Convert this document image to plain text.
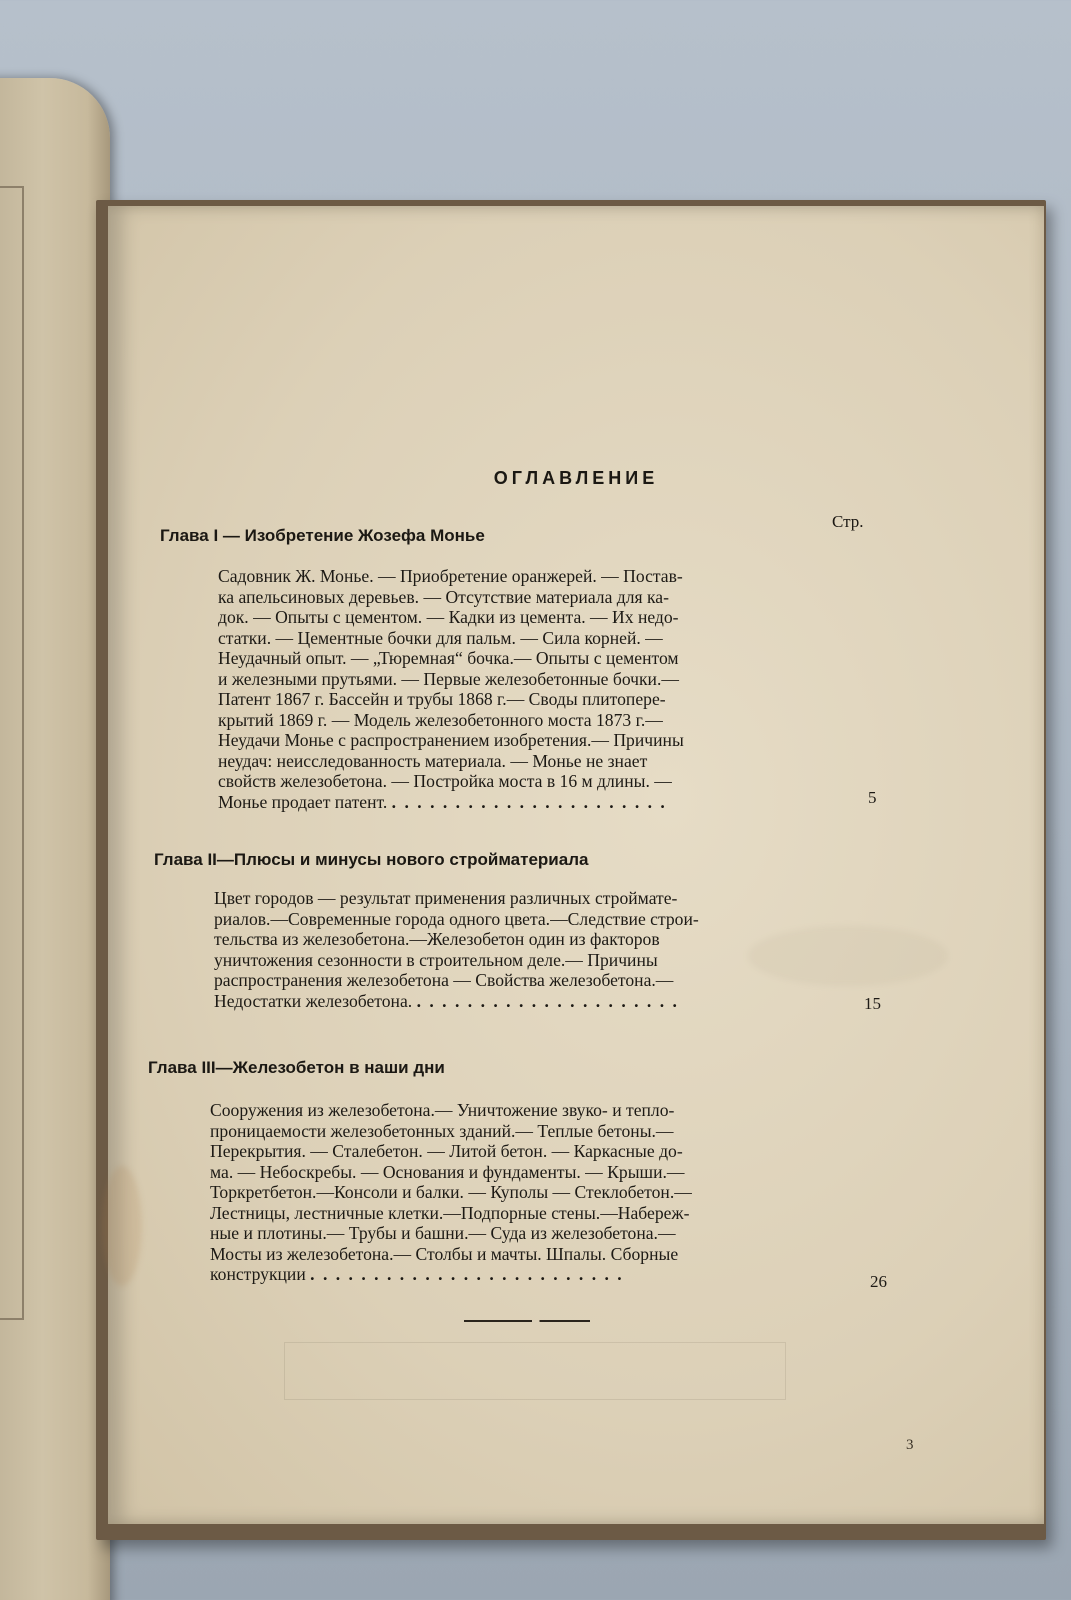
ОГЛАВЛЕНИЕ
Стр.
Глава I — Изобретение Жозефа Монье
Садовник Ж. Монье. — Приобретение оранжерей. — Постав-
ка апельсиновых деревьев. — Отсутствие материала для ка-
док. — Опыты с цементом. — Кадки из цемента. — Их недо-
статки. — Цементные бочки для пальм. — Сила корней. —
Неудачный опыт. — „Тюремная“ бочка.— Опыты с цементом
и железными прутьями. — Первые железобетонные бочки.—
Патент 1867 г. Бассейн и трубы 1868 г.— Своды плитопере-
крытий 1869 г. — Модель железобетонного моста 1873 г.—
Неудачи Монье с распространением изобретения.— Причины
неудач: неисследованность материала. — Монье не знает
свойств железобетона. — Постройка моста в 16 м длины. —
Монье продает патент. . . . . . . . . . . . . . . . . . . . . . .	5
Глава II—Плюсы и минусы нового стройматериала
Цвет городов — результат применения различных стройматe-
риалов.—Современные города одного цвета.—Следствие строи-
тельства из железобетона.—Железобетон один из факторов
уничтожения сезонности в строительном деле.— Причины
распространения железобетона — Свойства железобетона.—
Недостатки железобетона. . . . . . . . . . . . . . . . . . . . . .	15
Глава III—Железобетон в наши дни
Сооружения из железобетона.— Уничтожение звуко- и тепло-
проницаемости железобетонных зданий.— Теплые бетоны.—
Перекрытия. — Сталебетон. — Литой бетон. — Каркасные до-
ма. — Небоскребы. — Основания и фундаменты. — Крыши.—
Торкретбетон.—Консоли и балки. — Куполы — Стеклобетон.—
Лестницы, лестничные клетки.—Подпорные стены.—Набереж-
ные и плотины.— Трубы и башни.— Суда из железобетона.—
Мосты из железобетона.— Столбы и мачты. Шпалы. Сборные
конструкции . . . . . . . . . . . . . . . . . . . . . . . . .	26
3
